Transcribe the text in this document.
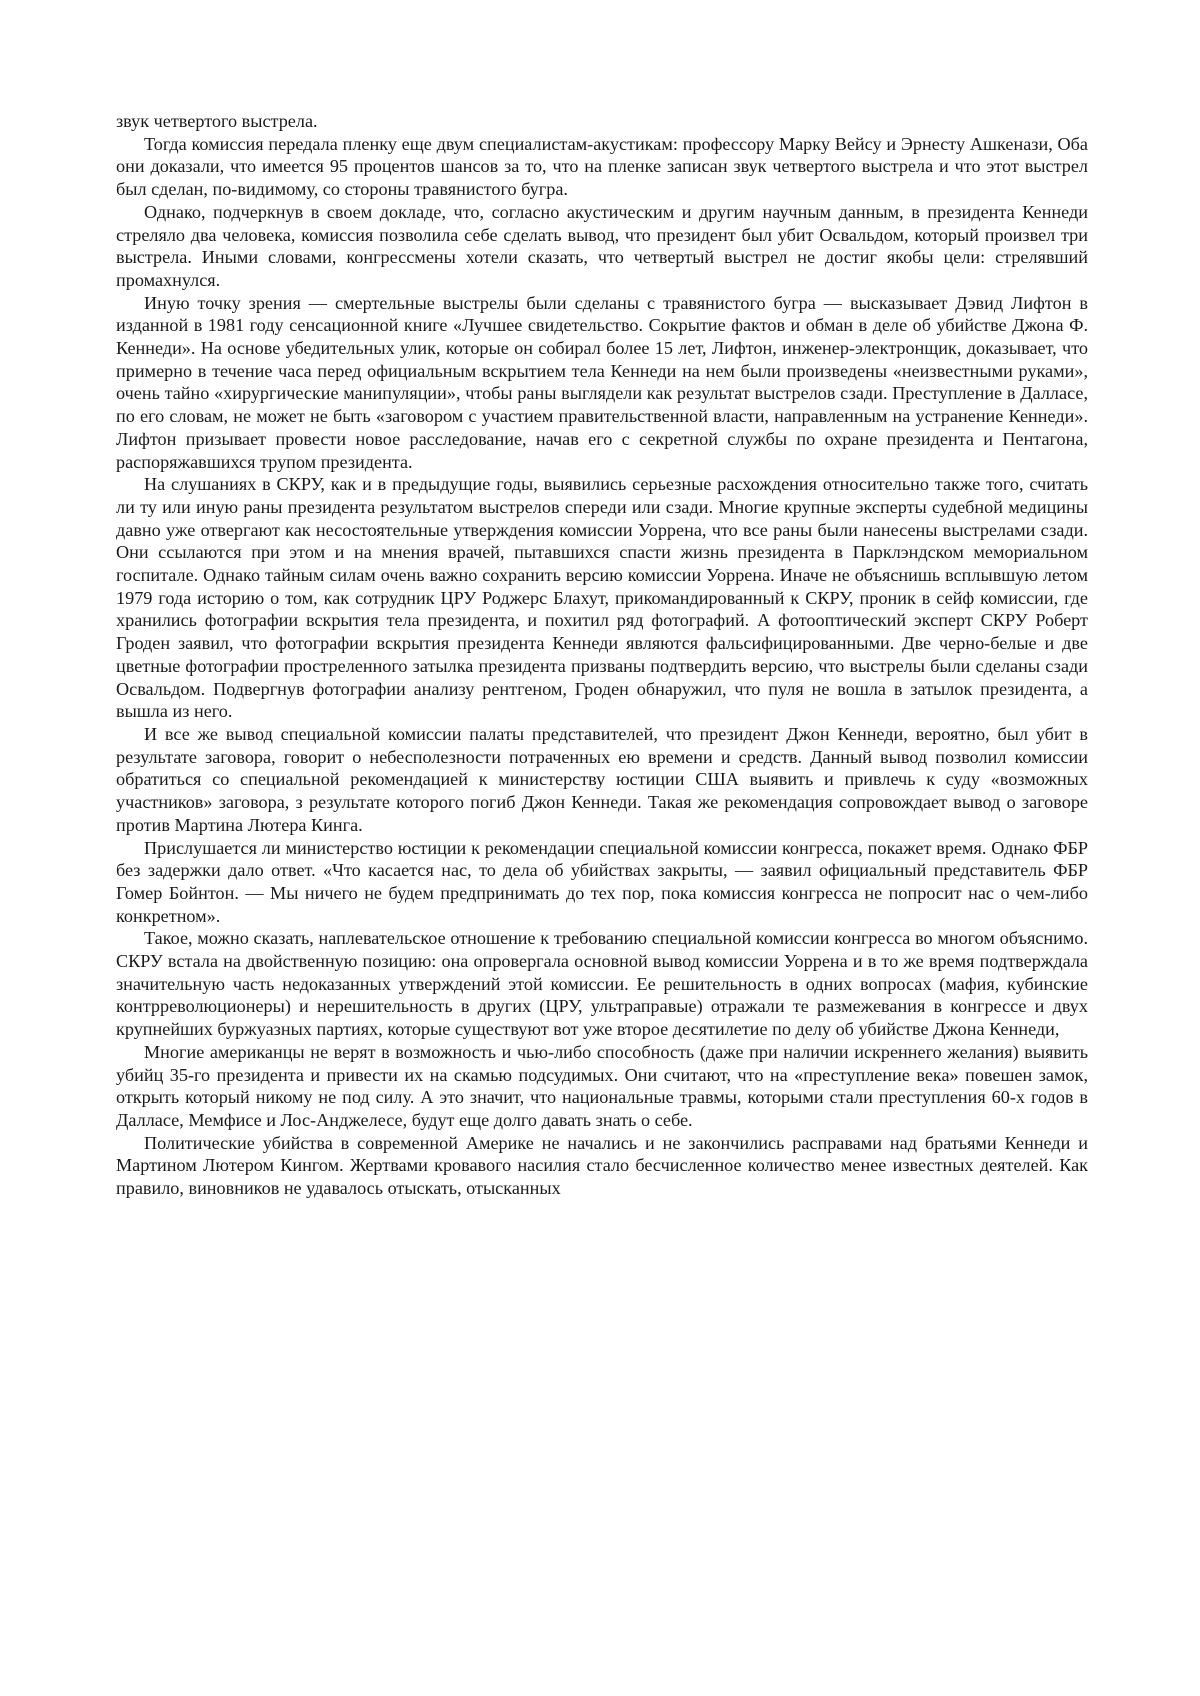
звук четвертого выстрела.

Тогда комиссия передала пленку еще двум специалистам-акустикам: профессору Марку Вейсу и Эрнесту Ашкенази, Оба они доказали, что имеется 95 процентов шансов за то, что на пленке записан звук четвертого выстрела и что этот выстрел был сделан, по-видимому, со стороны травянистого бугра.

Однако, подчеркнув в своем докладе, что, согласно акустическим и другим научным данным, в президента Кеннеди стреляло два человека, комиссия позволила себе сделать вывод, что президент был убит Освальдом, который произвел три выстрела. Иными словами, конгрессмены хотели сказать, что четвертый выстрел не достиг якобы цели: стрелявший промахнулся.

Иную точку зрения — смертельные выстрелы были сделаны с травянистого бугра — высказывает Дэвид Лифтон в изданной в 1981 году сенсационной книге «Лучшее свидетельство. Сокрытие фактов и обман в деле об убийстве Джона Ф. Кеннеди». На основе убедительных улик, которые он собирал более 15 лет, Лифтон, инженер-электронщик, доказывает, что примерно в течение часа перед официальным вскрытием тела Кеннеди на нем были произведены «неизвестными руками», очень тайно «хирургические манипуляции», чтобы раны выглядели как результат выстрелов сзади. Преступление в Далласе, по его словам, не может не быть «заговором с участием правительственной власти, направленным на устранение Кеннеди». Лифтон призывает провести новое расследование, начав его с секретной службы по охране президента и Пентагона, распоряжавшихся трупом президента.

На слушаниях в СКРУ, как и в предыдущие годы, выявились серьезные расхождения относительно также того, считать ли ту или иную раны президента результатом выстрелов спереди или сзади. Многие крупные эксперты судебной медицины давно уже отвергают как несостоятельные утверждения комиссии Уоррена, что все раны были нанесены выстрелами сзади. Они ссылаются при этом и на мнения врачей, пытавшихся спасти жизнь президента в Парклэндском мемориальном госпитале. Однако тайным силам очень важно сохранить версию комиссии Уоррена. Иначе не объяснишь всплывшую летом 1979 года историю о том, как сотрудник ЦРУ Роджерс Блахут, прикомандированный к СКРУ, проник в сейф комиссии, где хранились фотографии вскрытия тела президента, и похитил ряд фотографий. А фотооптический эксперт СКРУ Роберт Гроден заявил, что фотографии вскрытия президента Кеннеди являются фальсифицированными. Две черно-белые и две цветные фотографии простреленного затылка президента призваны подтвердить версию, что выстрелы были сделаны сзади Освальдом. Подвергнув фотографии анализу рентгеном, Гроден обнаружил, что пуля не вошла в затылок президента, а вышла из него.

И все же вывод специальной комиссии палаты представителей, что президент Джон Кеннеди, вероятно, был убит в результате заговора, говорит о небесполезности потраченных ею времени и средств. Данный вывод позволил комиссии обратиться со специальной рекомендацией к министерству юстиции США выявить и привлечь к суду «возможных участников» заговора, з результате которого погиб Джон Кеннеди. Такая же рекомендация сопровождает вывод о заговоре против Мартина Лютера Кинга.

Прислушается ли министерство юстиции к рекомендации специальной комиссии конгресса, покажет время. Однако ФБР без задержки дало ответ. «Что касается нас, то дела об убийствах закрыты, — заявил официальный представитель ФБР Гомер Бойнтон. — Мы ничего не будем предпринимать до тех пор, пока комиссия конгресса не попросит нас о чем-либо конкретном».

Такое, можно сказать, наплевательское отношение к требованию специальной комиссии конгресса во многом объяснимо. СКРУ встала на двойственную позицию: она опровергала основной вывод комиссии Уоррена и в то же время подтверждала значительную часть недоказанных утверждений этой комиссии. Ее решительность в одних вопросах (мафия, кубинские контрреволюционеры) и нерешительность в других (ЦРУ, ультраправые) отражали те размежевания в конгрессе и двух крупнейших буржуазных партиях, которые существуют вот уже второе десятилетие по делу об убийстве Джона Кеннеди,

Многие американцы не верят в возможность и чью-либо способность (даже при наличии искреннего желания) выявить убийц 35-го президента и привести их на скамью подсудимых. Они считают, что на «преступление века» повешен замок, открыть который никому не под силу. А это значит, что национальные травмы, которыми стали преступления 60-х годов в Далласе, Мемфисе и Лос-Анджелесе, будут еще долго давать знать о себе.

Политические убийства в современной Америке не начались и не закончились расправами над братьями Кеннеди и Мартином Лютером Кингом. Жертвами кровавого насилия стало бесчисленное количество менее известных деятелей. Как правило, виновников не удавалось отыскать, отысканных
